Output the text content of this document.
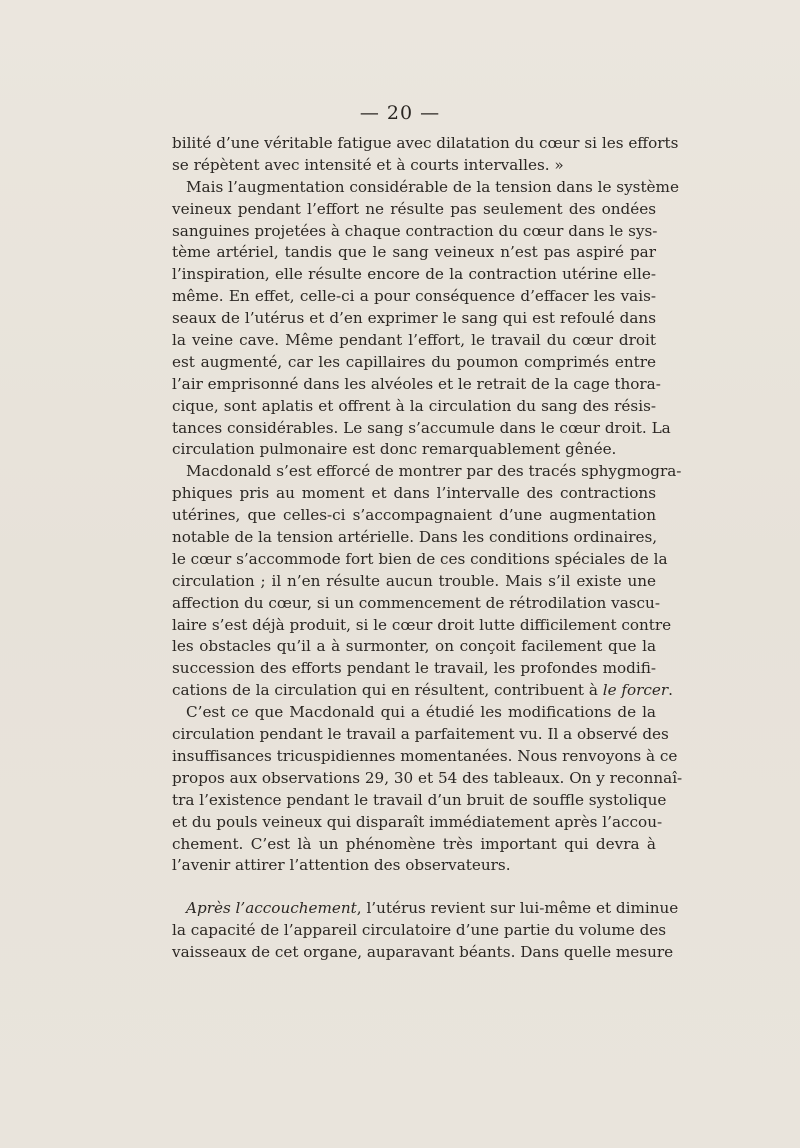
— 20 —
bilité d’une véritable fatigue avec dilatation du cœur si les efforts
se répètent avec intensité et à courts intervalles. »
Mais l’augmentation considérable de la tension dans le système
veineux pendant l’effort ne résulte pas seulement des ondées
sanguines projetées à chaque contraction du cœur dans le sys-
tème artériel, tandis que le sang veineux n’est pas aspiré par
l’inspiration, elle résulte encore de la contraction utérine elle-
même. En effet, celle-ci a pour conséquence d’effacer les vais-
seaux de l’utérus et d’en exprimer le sang qui est refoulé dans
la veine cave. Même pendant l’effort, le travail du cœur droit
est augmenté, car les capillaires du poumon comprimés entre
l’air emprisonné dans les alvéoles et le retrait de la cage thora-
cique, sont aplatis et offrent à la circulation du sang des résis-
tances considérables. Le sang s’accumule dans le cœur droit. La
circulation pulmonaire est donc remarquablement gênée.
Macdonald s’est efforcé de montrer par des tracés sphygmogra-
phiques pris au moment et dans l’intervalle des contractions
utérines, que celles-ci s’accompagnaient d’une augmentation
notable de la tension artérielle. Dans les conditions ordinaires,
le cœur s’accommode fort bien de ces conditions spéciales de la
circulation ; il n’en résulte aucun trouble. Mais s’il existe une
affection du cœur, si un commencement de rétrodilation vascu-
laire s’est déjà produit, si le cœur droit lutte difficilement contre
les obstacles qu’il a à surmonter, on conçoit facilement que la
succession des efforts pendant le travail, les profondes modifi-
cations de la circulation qui en résultent, contribuent à le forcer.
C’est ce que Macdonald qui a étudié les modifications de la
circulation pendant le travail a parfaitement vu. Il a observé des
insuffisances tricuspidiennes momentanées. Nous renvoyons à ce
propos aux observations 29, 30 et 54 des tableaux. On y reconnaî-
tra l’existence pendant le travail d’un bruit de souffle systolique
et du pouls veineux qui disparaît immédiatement après l’accou-
chement. C’est là un phénomène très important qui devra à
l’avenir attirer l’attention des observateurs.
Après l’accouchement, l’utérus revient sur lui-même et diminue
la capacité de l’appareil circulatoire d’une partie du volume des
vaisseaux de cet organe, auparavant béants. Dans quelle mesure
